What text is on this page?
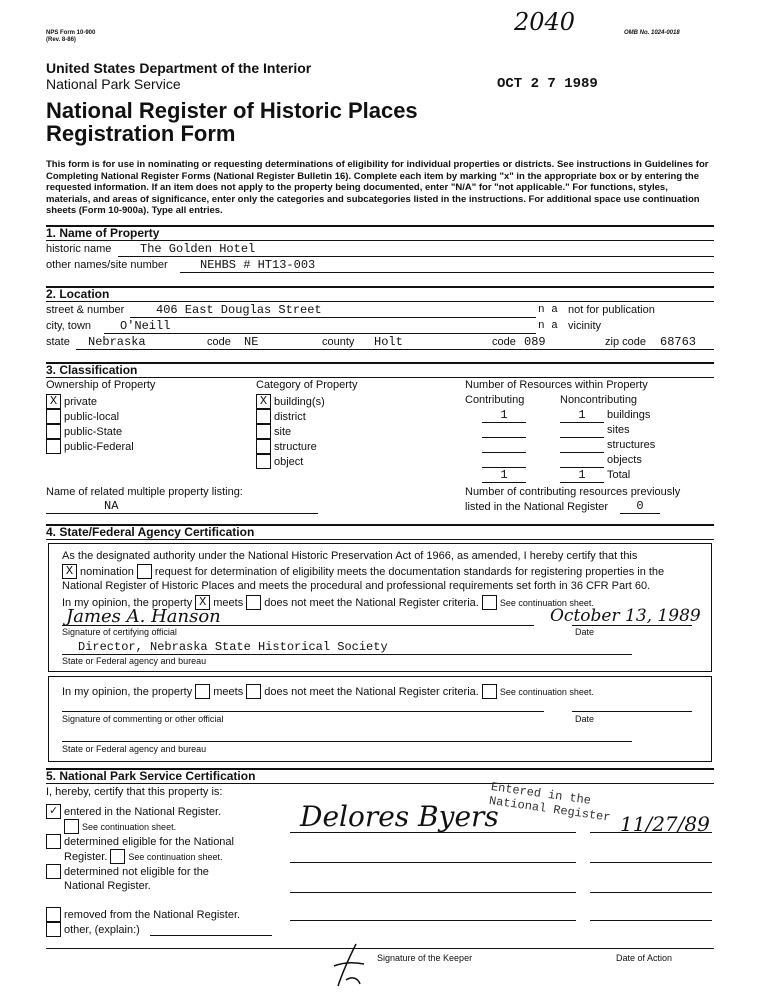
NPS Form 10-900
(Rev. 8-86)
2040	OMB No. 1024-0018
United States Department of the Interior
National Park Service	OCT 2 7 1989
National Register of Historic Places
Registration Form
This form is for use in nominating or requesting determinations of eligibility for individual properties or districts. See instructions in Guidelines for Completing National Register Forms (National Register Bulletin 16). Complete each item by marking "x" in the appropriate box or by entering the requested information. If an item does not apply to the property being documented, enter "N/A" for "not applicable." For functions, styles, materials, and areas of significance, enter only the categories and subcategories listed in the instructions. For additional space use continuation sheets (Form 10-900a). Type all entries.
1. Name of Property
historic name The Golden Hotel
other names/site number	NEHBS # HT13-003
2. Location
street & number	406 East Douglas Street	n a not for publication
city, town O'Neill	n a vicinity
state Nebraska	code NE	county Holt	code 089	zip code 68763
3. Classification
Ownership of Property
X private
public-local
public-State
public-Federal
Category of Property
X building(s)
district
site
structure
object
Number of Resources within Property
Contributing	Noncontributing
1	1	buildings
sites
structures
objects
1	1	Total
Name of related multiple property listing:
NA
Number of contributing resources previously
listed in the National Register	0
4. State/Federal Agency Certification
As the designated authority under the National Historic Preservation Act of 1966, as amended, I hereby certify that this
X nomination request for determination of eligibility meets the documentation standards for registering properties in the
National Register of Historic Places and meets the procedural and professional requirements set forth in 36 CFR Part 60.
In my opinion, the property X meets does not meet the National Register criteria. See continuation sheet.
James A. Hanson	October 13, 1989
Signature of certifying official	Date
Director, Nebraska State Historical Society
State or Federal agency and bureau
In my opinion, the property meets does not meet the National Register criteria. See continuation sheet.
Signature of commenting or other official	Date
State or Federal agency and bureau
5. National Park Service Certification
I, hereby, certify that this property is:
✓ entered in the National Register.
See continuation sheet.
determined eligible for the National
Register. See continuation sheet.
determined not eligible for the
National Register.
removed from the National Register.
other, (explain:)
Delores Byers
Entered in the National Register 11/27/89
Signature of the Keeper	Date of Action
